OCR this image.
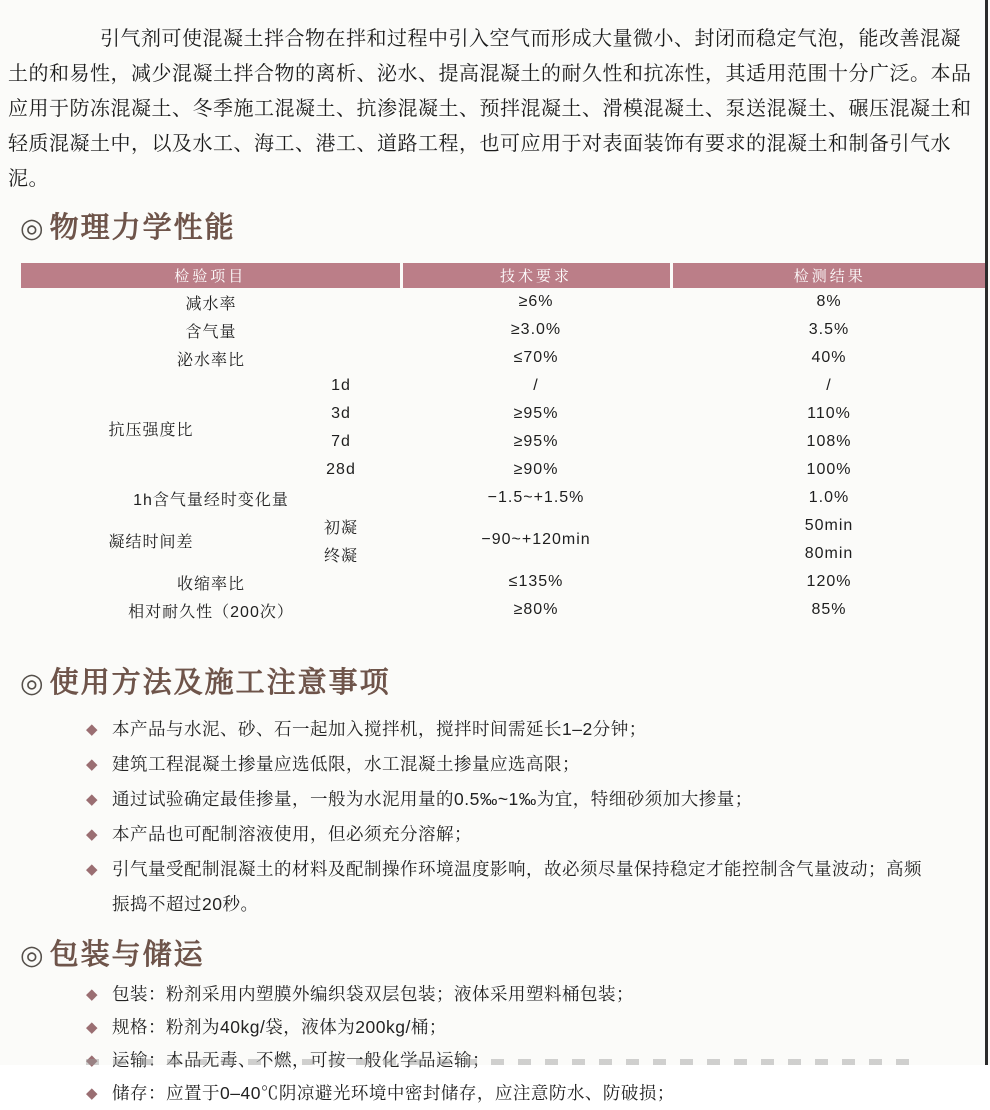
引气剂可使混凝土拌合物在拌和过程中引入空气而形成大量微小、封闭而稳定气泡，能改善混凝土的和易性，减少混凝土拌合物的离析、泌水、提高混凝土的耐久性和抗冻性，其适用范围十分广泛。本品应用于防冻混凝土、冬季施工混凝土、抗渗混凝土、预拌混凝土、滑模混凝土、泵送混凝土、碾压混凝土和轻质混凝土中，以及水工、海工、港工、道路工程，也可应用于对表面装饰有要求的混凝土和制备引气水泥。

◎ 物理力学性能
检验项目		技术要求	检测结果
减水率		≥6%	8%
含气量		≥3.0%	3.5%
泌水率比		≤70%	40%
抗压强度比	1d	/	/
	3d	≥95%	110%
	7d	≥95%	108%
	28d	≥90%	100%
1h含气量经时变化量		−1.5~+1.5%	1.0%
凝结时间差	初凝	−90~+120min	50min
	终凝		80min
收缩率比		≤135%	120%
相对耐久性（200次）		≥80%	85%
◎ 使用方法及施工注意事项
◆ 本产品与水泥、砂、石一起加入搅拌机，搅拌时间需延长1–2分钟；
◆ 建筑工程混凝土掺量应选低限，水工混凝土掺量应选高限；
◆ 通过试验确定最佳掺量，一般为水泥用量的0.5‰~1‰为宜，特细砂须加大掺量；
◆ 本产品也可配制溶液使用，但必须充分溶解；
◆ 引气量受配制混凝土的材料及配制操作环境温度影响，故必须尽量保持稳定才能控制含气量波动；高频振捣不超过20秒。
◎ 包装与储运
◆ 包装：粉剂采用内塑膜外编织袋双层包装；液体采用塑料桶包装；
◆ 规格：粉剂为40kg/袋，液体为200kg/桶；
◆ 运输：本品无毒、不燃，可按一般化学品运输；
◆ 储存：应置于0–40℃阴凉避光环境中密封储存，应注意防水、防破损；
